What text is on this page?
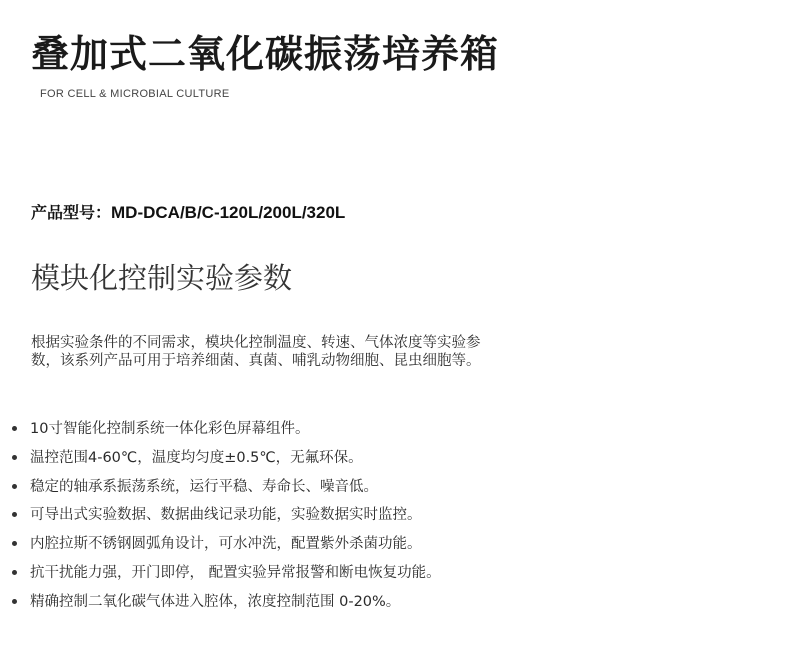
叠加式二氧化碳振荡培养箱
FOR CELL & MICROBIAL CULTURE
产品型号：MD-DCA/B/C-120L/200L/320L
模块化控制实验参数

根据实验条件的不同需求，模块化控制温度、转速、气体浓度等实验参数，该系列产品可用于培养细菌、真菌、哺乳动物细胞、昆虫细胞等。

10寸智能化控制系统一体化彩色屏幕组件。
温控范围4-60℃，温度均匀度±0.5℃，无氟环保。
稳定的轴承系振荡系统，运行平稳、寿命长、噪音低。
可导出式实验数据、数据曲线记录功能，实验数据实时监控。
内腔拉斯不锈钢圆弧角设计，可水冲洗，配置紫外杀菌功能。
抗干扰能力强，开门即停， 配置实验异常报警和断电恢复功能。
精确控制二氧化碳气体进入腔体，浓度控制范围 0-20%。
